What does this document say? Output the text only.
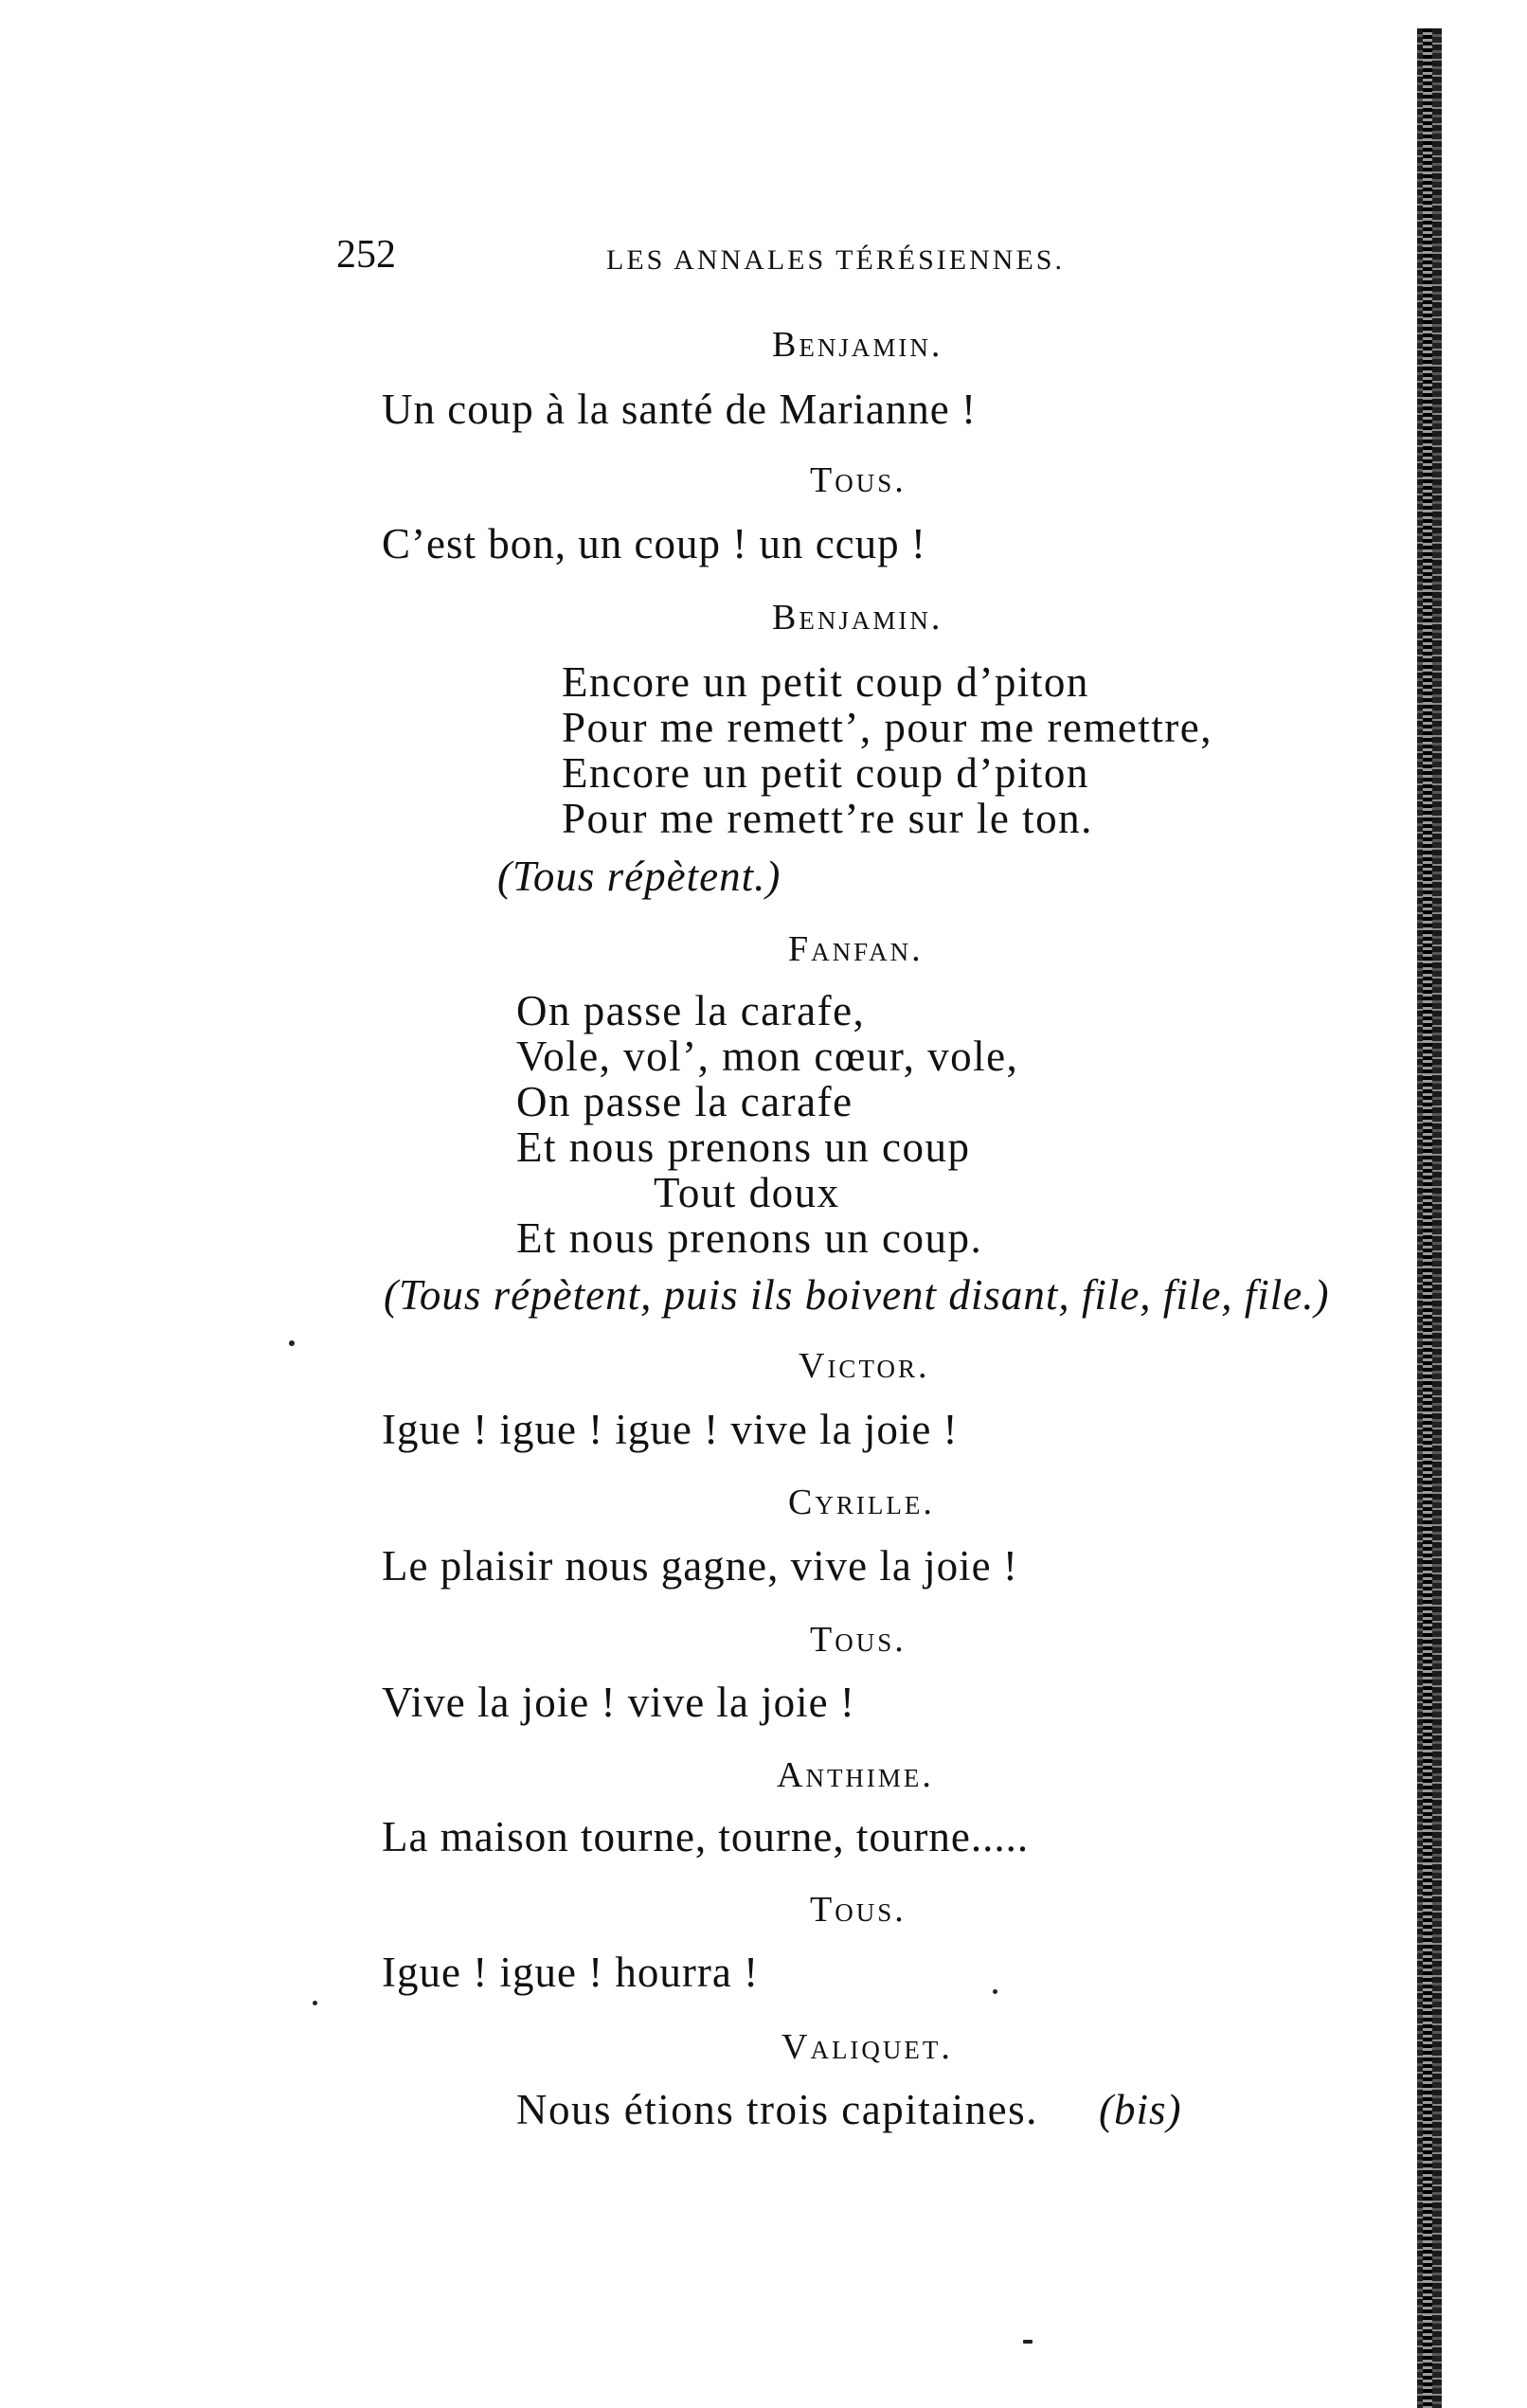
252	LES ANNALES TÉRÉSIENNES.
Benjamin.
Un coup à la santé de Marianne !
Tous.
C’est bon, un coup ! un ccup !
Benjamin.
Encore un petit coup d’piton
Pour me remett’, pour me remettre,
Encore un petit coup d’piton
Pour me remett’re sur le ton.
(Tous répètent.)
Fanfan.
On passe la carafe,
Vole, vol’, mon cœur, vole,
On passe la carafe
Et nous prenons un coup
Tout doux
Et nous prenons un coup.
(Tous répètent, puis ils boivent disant, file, file, file.)
Victor.
Igue ! igue ! igue ! vive la joie !
Cyrille.
Le plaisir nous gagne, vive la joie !
Tous.
Vive la joie ! vive la joie !
Anthime.
La maison tourne, tourne, tourne.....
Tous.
Igue ! igue ! hourra !
Valiquet.
Nous étions trois capitaines. (bis)
